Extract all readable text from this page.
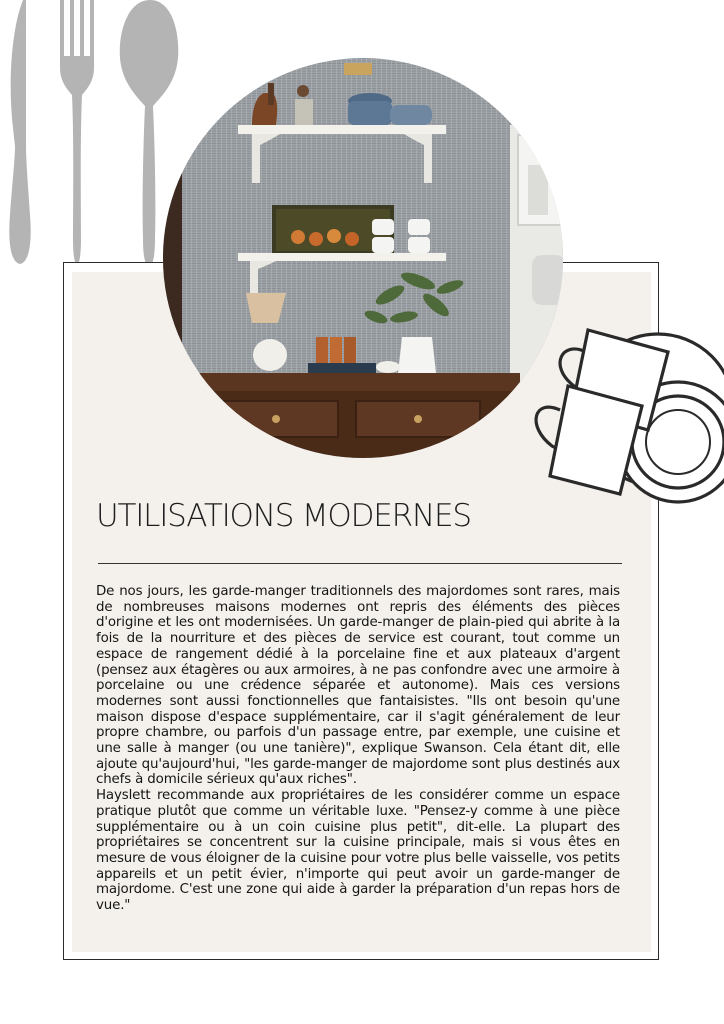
UTILISATIONS MODERNES

De nos jours, les garde-manger traditionnels des majordomes sont rares, mais de nombreuses maisons modernes ont repris des éléments des pièces d'origine et les ont modernisées. Un garde-manger de plain-pied qui abrite à la fois de la nourriture et des pièces de service est courant, tout comme un espace de rangement dédié à la porcelaine fine et aux plateaux d'argent (pensez aux étagères ou aux armoires, à ne pas confondre avec une armoire à porcelaine ou une crédence séparée et autonome). Mais ces versions modernes sont aussi fonctionnelles que fantaisistes. "Ils ont besoin qu'une maison dispose d'espace supplémentaire, car il s'agit généralement de leur propre chambre, ou parfois d'un passage entre, par exemple, une cuisine et une salle à manger (ou une tanière)", explique Swanson. Cela étant dit, elle ajoute qu'aujourd'hui, "les garde-manger de majordome sont plus destinés aux chefs à domicile sérieux qu'aux riches".

Hayslett recommande aux propriétaires de les considérer comme un espace pratique plutôt que comme un véritable luxe. "Pensez-y comme à une pièce supplémentaire ou à un coin cuisine plus petit", dit-elle. La plupart des propriétaires se concentrent sur la cuisine principale, mais si vous êtes en mesure de vous éloigner de la cuisine pour votre plus belle vaisselle, vos petits appareils et un petit évier, n'importe qui peut avoir un garde-manger de majordome. C'est une zone qui aide à garder la préparation d'un repas hors de vue."
